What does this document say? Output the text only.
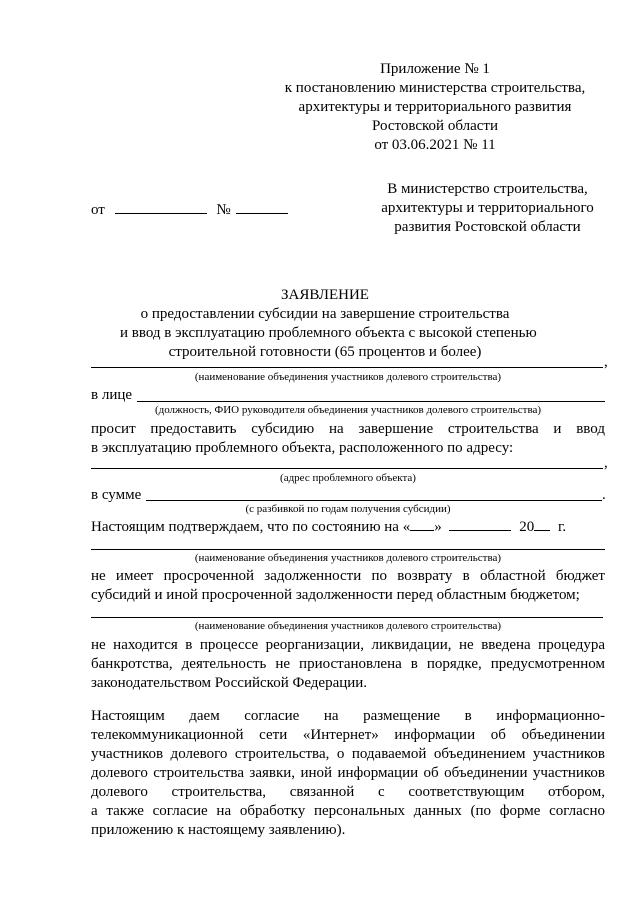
Приложение № 1
к постановлению министерства строительства,
архитектуры и территориального развития
Ростовской области
от 03.06.2021 № 11
В министерство строительства,
архитектуры и территориального
развития Ростовской области
от	№
ЗАЯВЛЕНИЕ
о предоставлении субсидии на завершение строительства
и ввод в эксплуатацию проблемного объекта с высокой степенью
строительной готовности (65 процентов и более)
,
(наименование объединения участников долевого строительства)
в лице
(должность, ФИО руководителя объединения участников долевого строительства)
просит предоставить субсидию на завершение строительства и ввод
в эксплуатацию проблемного объекта, расположенного по адресу:
,
(адрес проблемного объекта)
в сумме	.
(с разбивкой по годам получения субсидии)
Настоящим подтверждаем, что по состоянию на « »	20 г.
(наименование объединения участников долевого строительства)
не имеет просроченной задолженности по возврату в областной бюджет
субсидий и иной просроченной задолженности перед областным бюджетом;
(наименование объединения участников долевого строительства)
не находится в процессе реорганизации, ликвидации, не введена процедура
банкротства, деятельность не приостановлена в порядке, предусмотренном
законодательством Российской Федерации.
Настоящим даем согласие на размещение в информационно-
телекоммуникационной сети «Интернет» информации об объединении
участников долевого строительства, о подаваемой объединением участников
долевого строительства заявки, иной информации об объединении участников
долевого строительства, связанной с соответствующим отбором,
а также согласие на обработку персональных данных (по форме согласно
приложению к настоящему заявлению).
